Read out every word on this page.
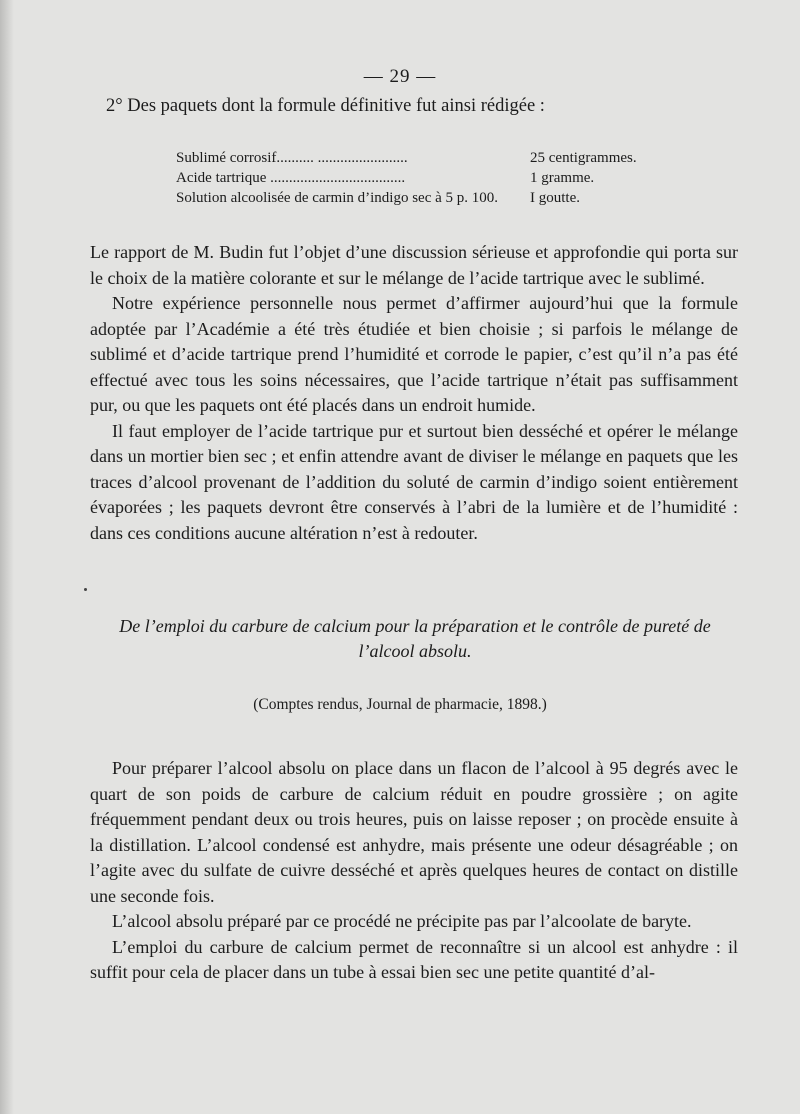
— 29 —
2° Des paquets dont la formule définitive fut ainsi rédigée :
Sublimé corrosif.......... ........................	25 centigrammes.
Acide tartrique ....................................	1 gramme.
Solution alcoolisée de carmin d’indigo sec à 5 p. 100.	I goutte.

Le rapport de M. Budin fut l’objet d’une discussion sérieuse et approfondie qui porta sur le choix de la matière colorante et sur le mélange de l’acide tartrique avec le sublimé.

Notre expérience personnelle nous permet d’affirmer aujourd’hui que la formule adoptée par l’Académie a été très étudiée et bien choisie ; si parfois le mélange de sublimé et d’acide tartrique prend l’humidité et corrode le papier, c’est qu’il n’a pas été effectué avec tous les soins nécessaires, que l’acide tartrique n’était pas suffisamment pur, ou que les paquets ont été placés dans un endroit humide.

Il faut employer de l’acide tartrique pur et surtout bien desséché et opérer le mélange dans un mortier bien sec ; et enfin attendre avant de diviser le mélange en paquets que les traces d’alcool provenant de l’addition du soluté de carmin d’indigo soient entièrement évaporées ; les paquets devront être conservés à l’abri de la lumière et de l’humidité : dans ces conditions aucune altération n’est à redouter.

De l’emploi du carbure de calcium pour la préparation et le contrôle de pureté de l’alcool absolu.
(Comptes rendus, Journal de pharmacie, 1898.)

Pour préparer l’alcool absolu on place dans un flacon de l’alcool à 95 degrés avec le quart de son poids de carbure de calcium réduit en poudre grossière ; on agite fréquemment pendant deux ou trois heures, puis on laisse reposer ; on procède ensuite à la distillation. L’alcool condensé est anhydre, mais présente une odeur désagréable ; on l’agite avec du sulfate de cuivre desséché et après quelques heures de contact on distille une seconde fois.

L’alcool absolu préparé par ce procédé ne précipite pas par l’alcoolate de baryte.

L’emploi du carbure de calcium permet de reconnaître si un alcool est anhydre : il suffit pour cela de placer dans un tube à essai bien sec une petite quantité d’al-
